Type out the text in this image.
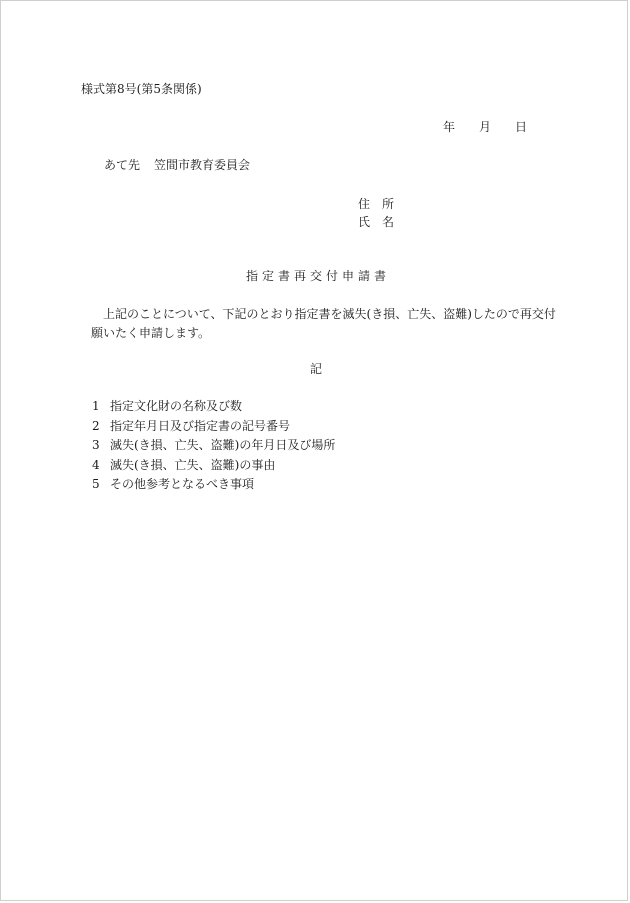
様式第8号(第5条関係)
年 月 日
あて先 笠間市教育委員会
住 所
氏 名
指定書再交付申請書
上記のことについて、下記のとおり指定書を滅失(き損、亡失、盗難)したので再交付
願いたく申請します。
記
1 指定文化財の名称及び数
2 指定年月日及び指定書の記号番号
3 滅失(き損、亡失、盗難)の年月日及び場所
4 滅失(き損、亡失、盗難)の事由
5 その他参考となるべき事項
